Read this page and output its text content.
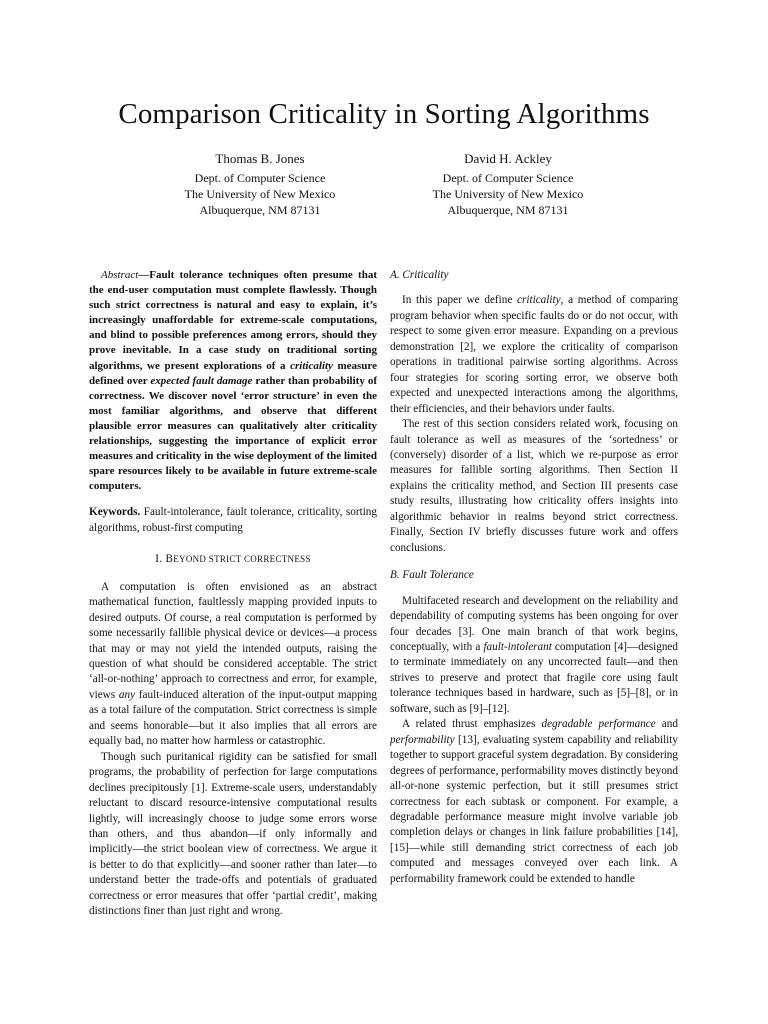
Comparison Criticality in Sorting Algorithms
Thomas B. Jones
Dept. of Computer Science
The University of New Mexico
Albuquerque, NM 87131
David H. Ackley
Dept. of Computer Science
The University of New Mexico
Albuquerque, NM 87131

Abstract—Fault tolerance techniques often presume that the end-user computation must complete flawlessly. Though such strict correctness is natural and easy to explain, it’s increasingly unaffordable for extreme-scale computations, and blind to possible preferences among errors, should they prove inevitable. In a case study on traditional sorting algorithms, we present explorations of a criticality measure defined over expected fault damage rather than probability of correctness. We discover novel ‘error structure’ in even the most familiar algorithms, and observe that different plausible error measures can qualitatively alter criticality relationships, suggesting the importance of explicit error measures and criticality in the wise deployment of the limited spare resources likely to be available in future extreme-scale computers.

Keywords. Fault-intolerance, fault tolerance, criticality, sorting algorithms, robust-first computing

I. BEYOND STRICT CORRECTNESS

A computation is often envisioned as an abstract mathematical function, faultlessly mapping provided inputs to desired outputs. Of course, a real computation is performed by some necessarily fallible physical device or devices—a process that may or may not yield the intended outputs, raising the question of what should be considered acceptable. The strict ‘all-or-nothing’ approach to correctness and error, for example, views any fault-induced alteration of the input-output mapping as a total failure of the computation. Strict correctness is simple and seems honorable—but it also implies that all errors are equally bad, no matter how harmless or catastrophic.

Though such puritanical rigidity can be satisfied for small programs, the probability of perfection for large computations declines precipitously [1]. Extreme-scale users, understandably reluctant to discard resource-intensive computational results lightly, will increasingly choose to judge some errors worse than others, and thus abandon—if only informally and implicitly—the strict boolean view of correctness. We argue it is better to do that explicitly—and sooner rather than later—to understand better the trade-offs and potentials of graduated correctness or error measures that offer ‘partial credit’, making distinctions finer than just right and wrong.

A. Criticality

In this paper we define criticality, a method of comparing program behavior when specific faults do or do not occur, with respect to some given error measure. Expanding on a previous demonstration [2], we explore the criticality of comparison operations in traditional pairwise sorting algorithms. Across four strategies for scoring sorting error, we observe both expected and unexpected interactions among the algorithms, their efficiencies, and their behaviors under faults.

The rest of this section considers related work, focusing on fault tolerance as well as measures of the ‘sortedness’ or (conversely) disorder of a list, which we re-purpose as error measures for fallible sorting algorithms. Then Section II explains the criticality method, and Section III presents case study results, illustrating how criticality offers insights into algorithmic behavior in realms beyond strict correctness. Finally, Section IV briefly discusses future work and offers conclusions.

B. Fault Tolerance

Multifaceted research and development on the reliability and dependability of computing systems has been ongoing for over four decades [3]. One main branch of that work begins, conceptually, with a fault-intolerant computation [4]—designed to terminate immediately on any uncorrected fault—and then strives to preserve and protect that fragile core using fault tolerance techniques based in hardware, such as [5]–[8], or in software, such as [9]–[12].

A related thrust emphasizes degradable performance and performability [13], evaluating system capability and reliability together to support graceful system degradation. By considering degrees of performance, performability moves distinctly beyond all-or-none systemic perfection, but it still presumes strict correctness for each subtask or component. For example, a degradable performance measure might involve variable job completion delays or changes in link failure probabilities [14], [15]—while still demanding strict correctness of each job computed and messages conveyed over each link. A performability framework could be extended to handle
